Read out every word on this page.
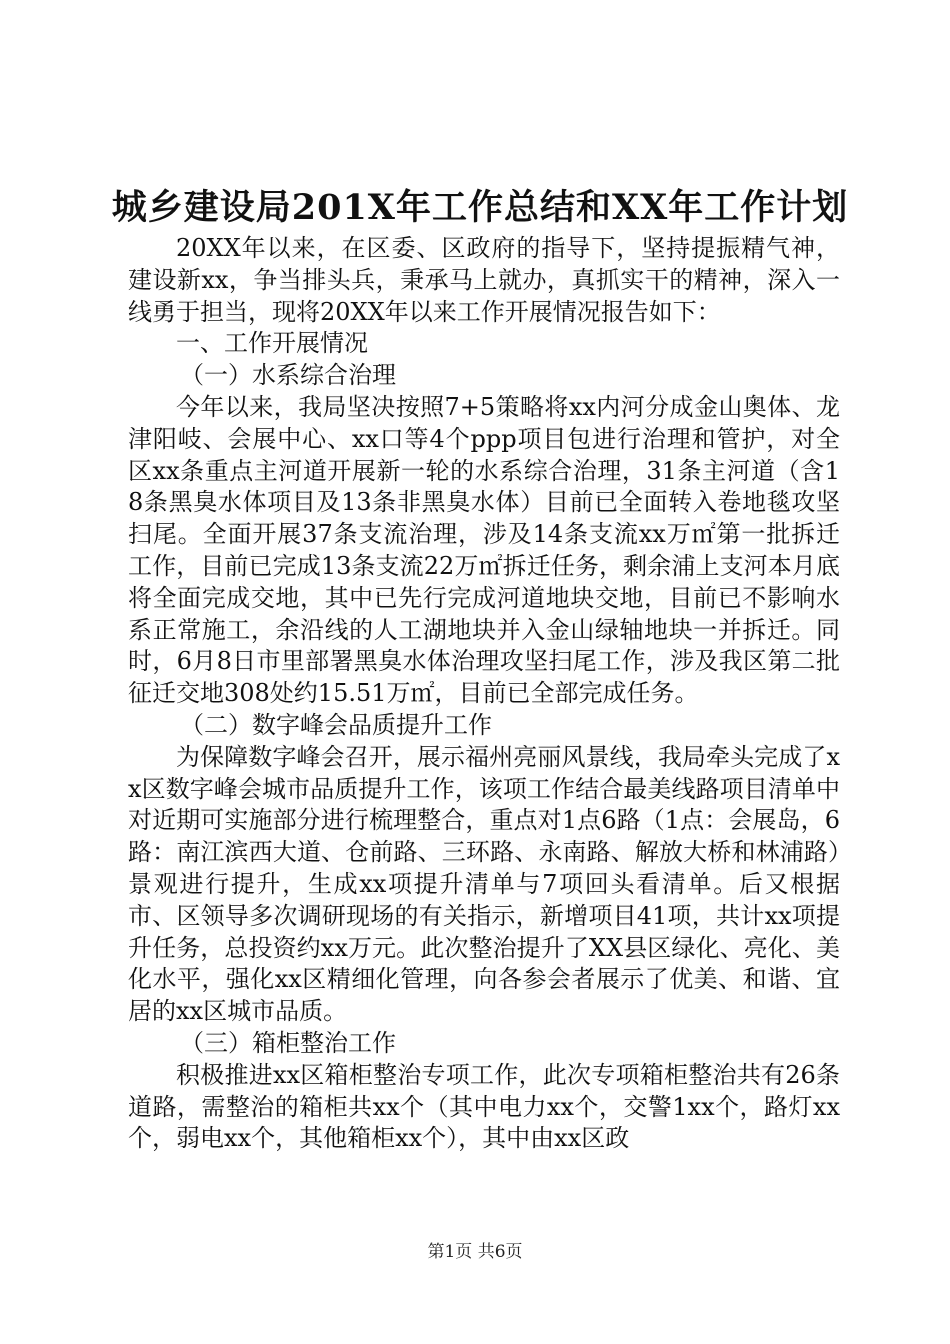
城乡建设局201X年工作总结和XX年工作计划

20XX年以来，在区委、区政府的指导下，坚持提振精气神，建设新xx，争当排头兵，秉承马上就办，真抓实干的精神，深入一线勇于担当，现将20XX年以来工作开展情况报告如下：

一、工作开展情况

（一）水系综合治理

今年以来，我局坚决按照7+5策略将xx内河分成金山奥体、龙津阳岐、会展中心、xx口等4个ppp项目包进行治理和管护，对全区xx条重点主河道开展新一轮的水系综合治理，31条主河道（含18条黑臭水体项目及13条非黑臭水体）目前已全面转入卷地毯攻坚扫尾。全面开展37条支流治理，涉及14条支流xx万㎡第一批拆迁工作，目前已完成13条支流22万㎡拆迁任务，剩余浦上支河本月底将全面完成交地，其中已先行完成河道地块交地，目前已不影响水系正常施工，余沿线的人工湖地块并入金山绿轴地块一并拆迁。同时，6月8日市里部署黑臭水体治理攻坚扫尾工作，涉及我区第二批征迁交地308处约15.51万㎡，目前已全部完成任务。

（二）数字峰会品质提升工作

为保障数字峰会召开，展示福州亮丽风景线，我局牵头完成了xx区数字峰会城市品质提升工作，该项工作结合最美线路项目清单中对近期可实施部分进行梳理整合，重点对1点6路（1点：会展岛，6路：南江滨西大道、仓前路、三环路、永南路、解放大桥和林浦路）景观进行提升，生成xx项提升清单与7项回头看清单。后又根据市、区领导多次调研现场的有关指示，新增项目41项，共计xx项提升任务，总投资约xx万元。此次整治提升了XX县区绿化、亮化、美化水平，强化xx区精细化管理，向各参会者展示了优美、和谐、宜居的xx区城市品质。

（三）箱柜整治工作

积极推进xx区箱柜整治专项工作，此次专项箱柜整治共有26条道路，需整治的箱柜共xx个（其中电力xx个，交警1xx个，路灯xx个，弱电xx个，其他箱柜xx个），其中由xx区政

第1页 共6页
